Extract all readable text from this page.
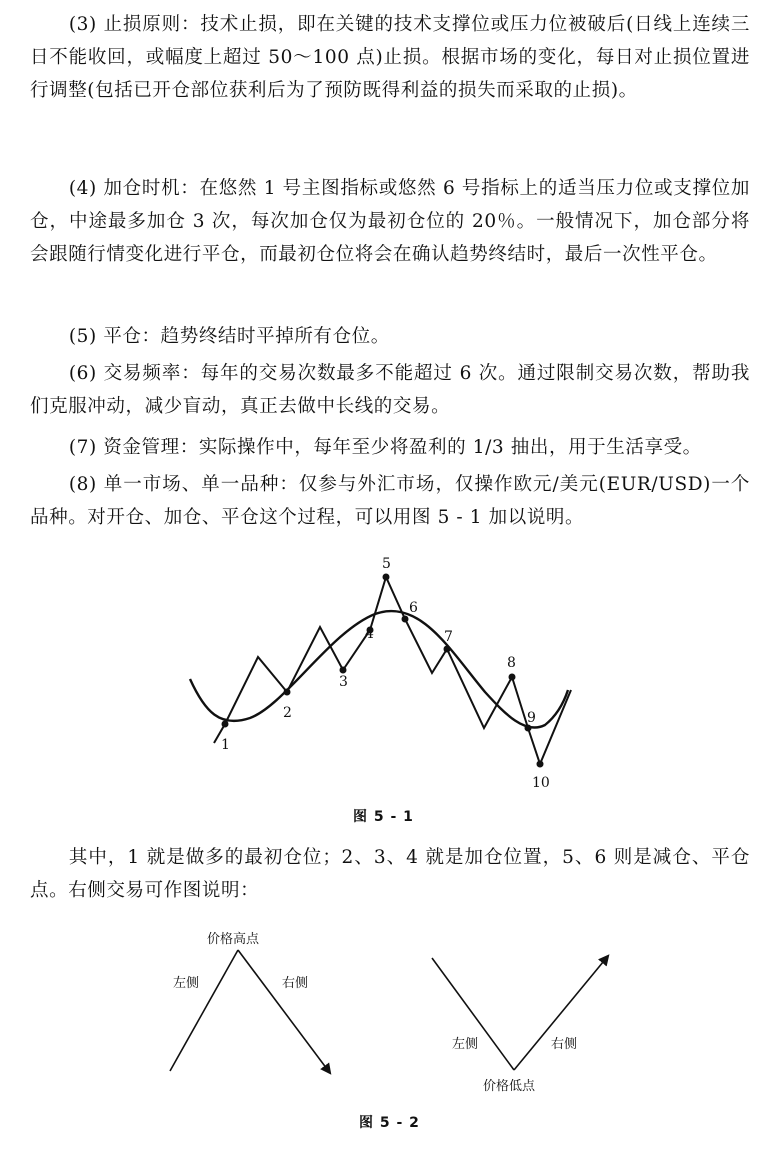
(3) 止损原则：技术止损，即在关键的技术支撑位或压力位被破后(日线上连续三日不能收回，或幅度上超过 50～100 点)止损。根据市场的变化，每日对止损位置进行调整(包括已开仓部位获利后为了预防既得利益的损失而采取的止损)。

(4) 加仓时机：在悠然 1 号主图指标或悠然 6 号指标上的适当压力位或支撑位加仓，中途最多加仓 3 次，每次加仓仅为最初仓位的 20％。一般情况下，加仓部分将会跟随行情变化进行平仓，而最初仓位将会在确认趋势终结时，最后一次性平仓。

(5) 平仓：趋势终结时平掉所有仓位。

(6) 交易频率：每年的交易次数最多不能超过 6 次。通过限制交易次数，帮助我们克服冲动，减少盲动，真正去做中长线的交易。

(7) 资金管理：实际操作中，每年至少将盈利的 1/3 抽出，用于生活享受。

(8) 单一市场、单一品种：仅参与外汇市场，仅操作欧元/美元(EUR/USD)一个品种。对开仓、加仓、平仓这个过程，可以用图 5 - 1 加以说明。

1
2
3
4
5
6
7
8
9
10
图 5 - 1

其中，1 就是做多的最初仓位；2、3、4 就是加仓位置，5、6 则是减仓、平仓点。右侧交易可作图说明：

价格高点
左侧	右侧
左侧	右侧
价格低点
图 5 - 2
